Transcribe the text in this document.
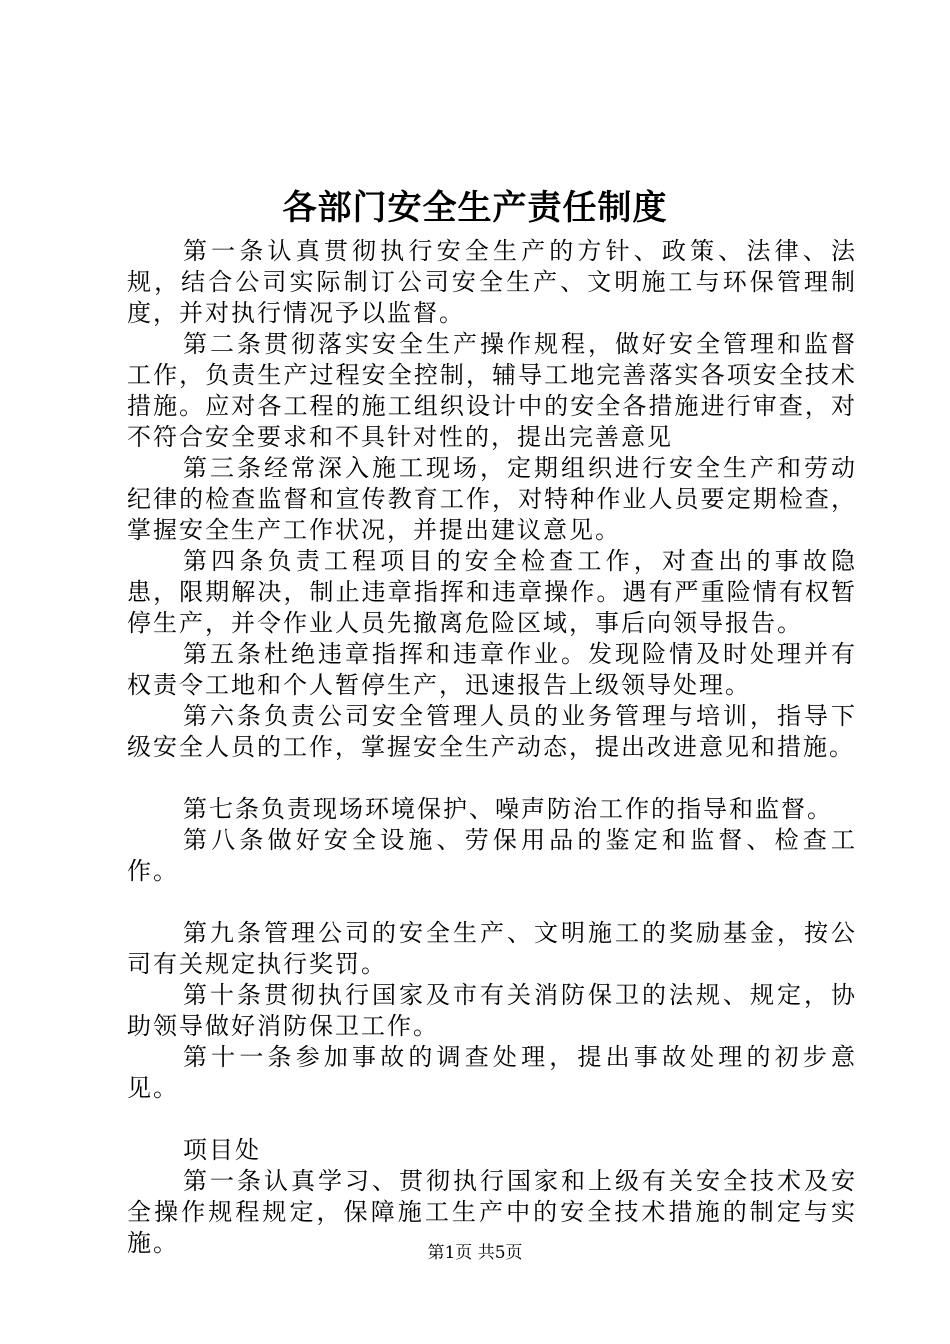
各部门安全生产责任制度

第一条认真贯彻执行安全生产的方针、政策、法律、法规，结合公司实际制订公司安全生产、文明施工与环保管理制度，并对执行情况予以监督。

第二条贯彻落实安全生产操作规程，做好安全管理和监督工作，负责生产过程安全控制，辅导工地完善落实各项安全技术措施。应对各工程的施工组织设计中的安全各措施进行审查，对不符合安全要求和不具针对性的，提出完善意见

第三条经常深入施工现场，定期组织进行安全生产和劳动纪律的检查监督和宣传教育工作，对特种作业人员要定期检查，掌握安全生产工作状况，并提出建议意见。

第四条负责工程项目的安全检查工作，对查出的事故隐患，限期解决，制止违章指挥和违章操作。遇有严重险情有权暂停生产，并令作业人员先撤离危险区域，事后向领导报告。

第五条杜绝违章指挥和违章作业。发现险情及时处理并有权责令工地和个人暂停生产，迅速报告上级领导处理。

第六条负责公司安全管理人员的业务管理与培训，指导下级安全人员的工作，掌握安全生产动态，提出改进意见和措施。

第七条负责现场环境保护、噪声防治工作的指导和监督。

第八条做好安全设施、劳保用品的鉴定和监督、检查工作。

第九条管理公司的安全生产、文明施工的奖励基金，按公司有关规定执行奖罚。

第十条贯彻执行国家及市有关消防保卫的法规、规定，协助领导做好消防保卫工作。

第十一条参加事故的调查处理，提出事故处理的初步意见。

项目处

第一条认真学习、贯彻执行国家和上级有关安全技术及安全操作规程规定，保障施工生产中的安全技术措施的制定与实施。	第1页 共5页
